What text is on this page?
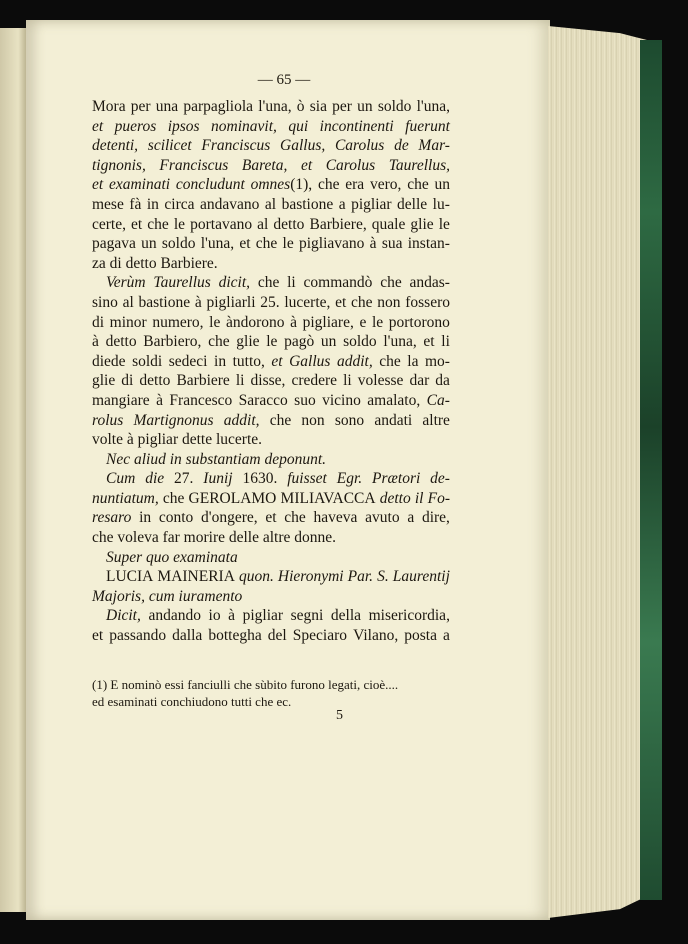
— 65 —
Mora per una parpagliola l'una, ò sia per un soldo l'una,
et pueros ipsos nominavit, qui incontinenti fuerunt
detenti, scilicet Franciscus Gallus, Carolus de Mar-
tignonis, Franciscus Bareta, et Carolus Taurellus,
et examinati concludunt omnes(1), che era vero, che un
mese fà in circa andavano al bastione a pigliar delle lu-
certe, et che le portavano al detto Barbiere, quale glie le
pagava un soldo l'una, et che le pigliavano à sua instan-
za
di
detto
Barbiere.
Verùm Taurellus dicit, che li commandò che andas-
sino al bastione à pigliarli 25. lucerte, et che non fossero
di minor numero, le àndorono à pigliare, e le portorono
à detto Barbiero, che glie le pagò un soldo l'una, et li
diede soldi sedeci in tutto, et Gallus addit, che la mo-
glie di detto Barbiere li disse, credere li volesse dar da
mangiare à Francesco Saracco suo vicino amalato, Ca-
rolus Martignonus addit, che non sono andati altre
volte
à
pigliar
dette
lucerte.
Nec
aliud
in
substantiam
deponunt.
Cum die 27. Iunij 1630. fuisset Egr. Prætori de-
nuntiatum, che GEROLAMO MILIAVACCA detto il Fo-
resaro in conto d'ongere, et che haveva avuto a dire,
che
voleva
far
morire
delle
altre
donne.
Super
quo
examinata
LUCIA MAINERIA quon. Hieronymi Par. S. Laurentij
Majoris,
cum
iuramento
Dicit, andando io à pigliar segni della misericordia,
et passando dalla bottegha del Speciaro Vilano, posta a
(1) E nominò essi fanciulli che sùbito furono legati, cioè....
ed esaminati conchiudono tutti che ec.
5
